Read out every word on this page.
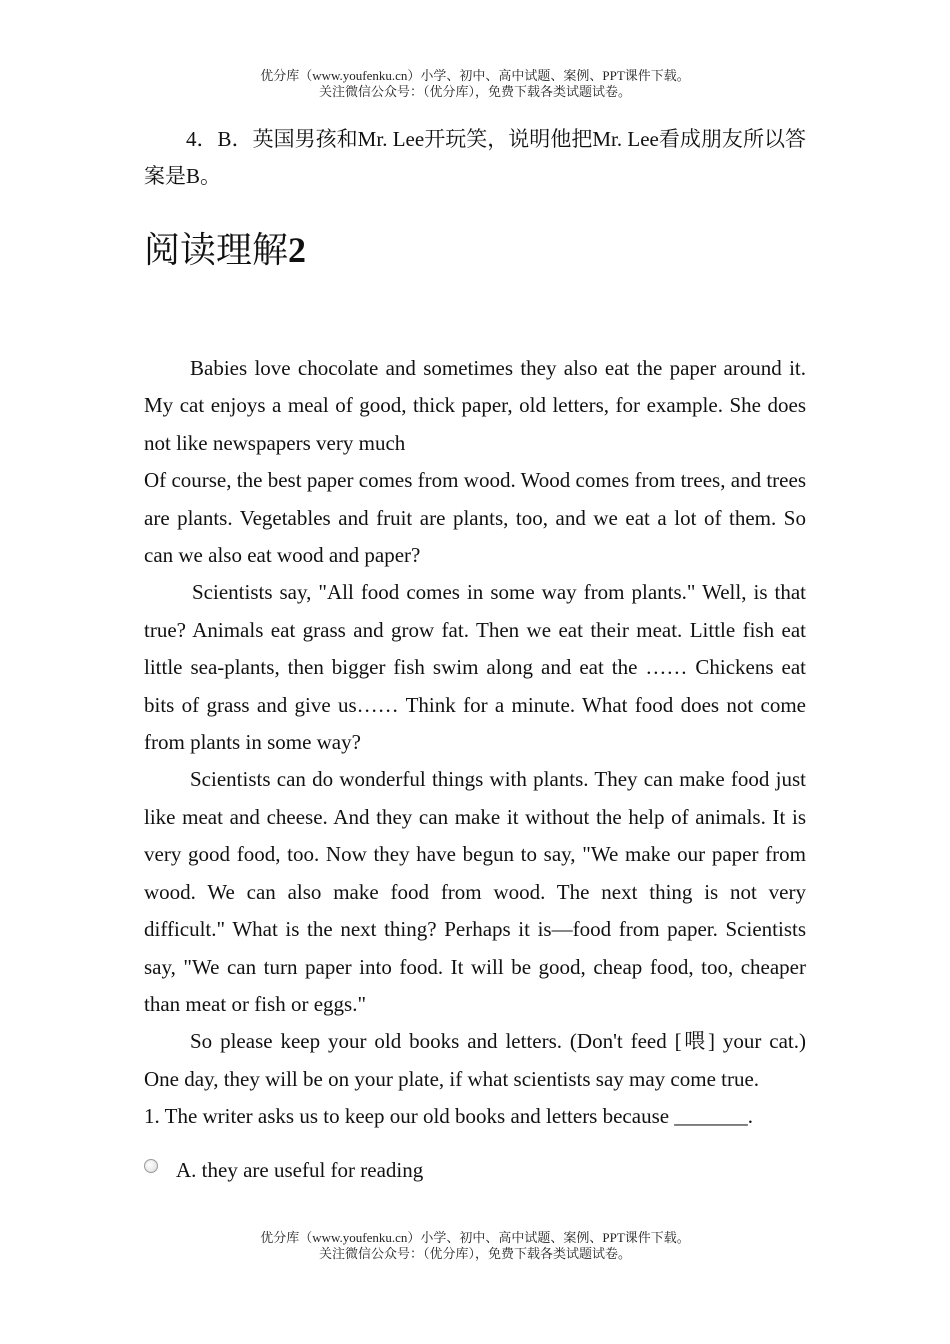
优分库（www.youfenku.cn）小学、初中、高中试题、案例、PPT课件下载。
关注微信公众号：（优分库），免费下载各类试题试卷。
4．B．英国男孩和Mr. Lee开玩笑，说明他把Mr. Lee看成朋友所以答案是B。
阅读理解2

Babies love chocolate and sometimes they also eat the paper around it. My cat enjoys a meal of good, thick paper, old letters, for example. She does not like newspapers very much

Of course, the best paper comes from wood. Wood comes from trees, and trees are plants. Vegetables and fruit are plants, too, and we eat a lot of them. So can we also eat wood and paper?

Scientists say, "All food comes in some way from plants." Well, is that true? Animals eat grass and grow fat. Then we eat their meat. Little fish eat little sea-plants, then bigger fish swim along and eat the …… Chickens eat bits of grass and give us…… Think for a minute. What food does not come from plants in some way?

Scientists can do wonderful things with plants. They can make food just like meat and cheese. And they can make it without the help of animals. It is very good food, too. Now they have begun to say, "We make our paper from wood. We can also make food from wood. The next thing is not very difficult." What is the next thing? Perhaps it is—food from paper. Scientists say, "We can turn paper into food. It will be good, cheap food, too, cheaper than meat or fish or eggs."

So please keep your old books and letters. (Don't feed [喂] your cat.) One day, they will be on your plate, if what scientists say may come true.

1. The writer asks us to keep our old books and letters because _______.

A. they are useful for reading
优分库（www.youfenku.cn）小学、初中、高中试题、案例、PPT课件下载。
关注微信公众号：（优分库），免费下载各类试题试卷。
